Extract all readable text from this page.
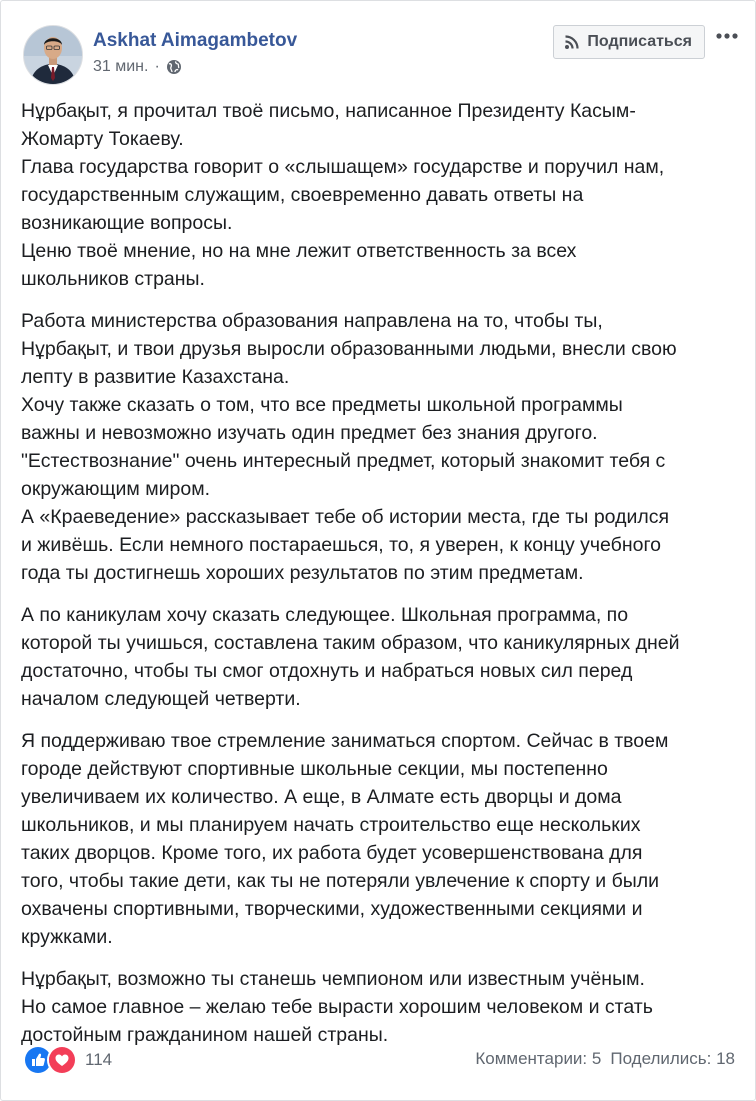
Askhat Aimagambetov
31 мин. ·
Подписаться

Нұрбақыт, я прочитал твоё письмо, написанное Президенту Касым-
Жомарту Токаеву.
Глава государства говорит о «слышащем» государстве и поручил нам,
государственным служащим, своевременно давать ответы на
возникающие вопросы.
Ценю твоё мнение, но на мне лежит ответственность за всех
школьников страны.

Работа министерства образования направлена на то, чтобы ты,
Нұрбақыт, и твои друзья выросли образованными людьми, внесли свою
лепту в развитие Казахстана.
Хочу также сказать о том, что все предметы школьной программы
важны и невозможно изучать один предмет без знания другого.
"Естествознание" очень интересный предмет, который знакомит тебя с
окружающим миром.
А «Краеведение» рассказывает тебе об истории места, где ты родился
и живёшь. Если немного постараешься, то, я уверен, к концу учебного
года ты достигнешь хороших результатов по этим предметам.

А по каникулам хочу сказать следующее. Школьная программа, по
которой ты учишься, составлена таким образом, что каникулярных дней
достаточно, чтобы ты смог отдохнуть и набраться новых сил перед
началом следующей четверти.

Я поддерживаю твое стремление заниматься спортом. Сейчас в твоем
городе действуют спортивные школьные секции, мы постепенно
увеличиваем их количество. А еще, в Алмате есть дворцы и дома
школьников, и мы планируем начать строительство еще нескольких
таких дворцов. Кроме того, их работа будет усовершенствована для
того, чтобы такие дети, как ты не потеряли увлечение к спорту и были
охвачены спортивными, творческими, художественными секциями и
кружками.

Нұрбақыт, возможно ты станешь чемпионом или известным учёным.
Но самое главное – желаю тебе вырасти хорошим человеком и стать
достойным гражданином нашей страны.

114	Комментарии: 5 Поделились: 18
